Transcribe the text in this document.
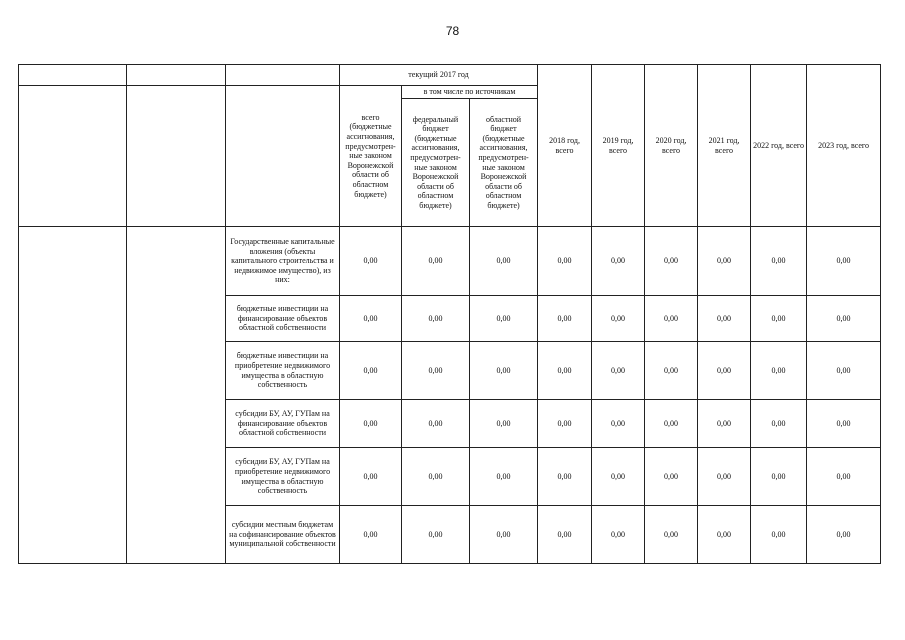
78
			текущий 2017 год			2018 год, всего	2019 год, всего	2020 год, всего	2021 год, всего	2022 год, всего	2023 год, всего
			всего (бюджетные ассигнования, предусмотрен-ные законом Воронежской области об областном бюджете)	в том числе по источникам							
				федеральный бюджет (бюджетные ассигнования, предусмотрен-ные законом Воронежской области об областном бюджете)	областной бюджет (бюджетные ассигнования, предусмотрен-ные законом Воронежской области об областном бюджете)						
		Государственные капитальные вложения (объекты капитального строительства и недвижимое имущество), из них:	0,00	0,00	0,00	0,00	0,00	0,00	0,00	0,00	0,00
		бюджетные инвестиции на финансирование объектов областной собственности	0,00	0,00	0,00	0,00	0,00	0,00	0,00	0,00	0,00
		бюджетные инвестиции на приобретение недвижимого имущества в областную собственность	0,00	0,00	0,00	0,00	0,00	0,00	0,00	0,00	0,00
		субсидии БУ, АУ, ГУПам на финансирование объектов областной собственности	0,00	0,00	0,00	0,00	0,00	0,00	0,00	0,00	0,00
		субсидии БУ, АУ, ГУПам на приобретение недвижимого имущества в областную собственность	0,00	0,00	0,00	0,00	0,00	0,00	0,00	0,00	0,00
		субсидии местным бюджетам на софинансирование объектов муниципальной собственности	0,00	0,00	0,00	0,00	0,00	0,00	0,00	0,00	0,00
